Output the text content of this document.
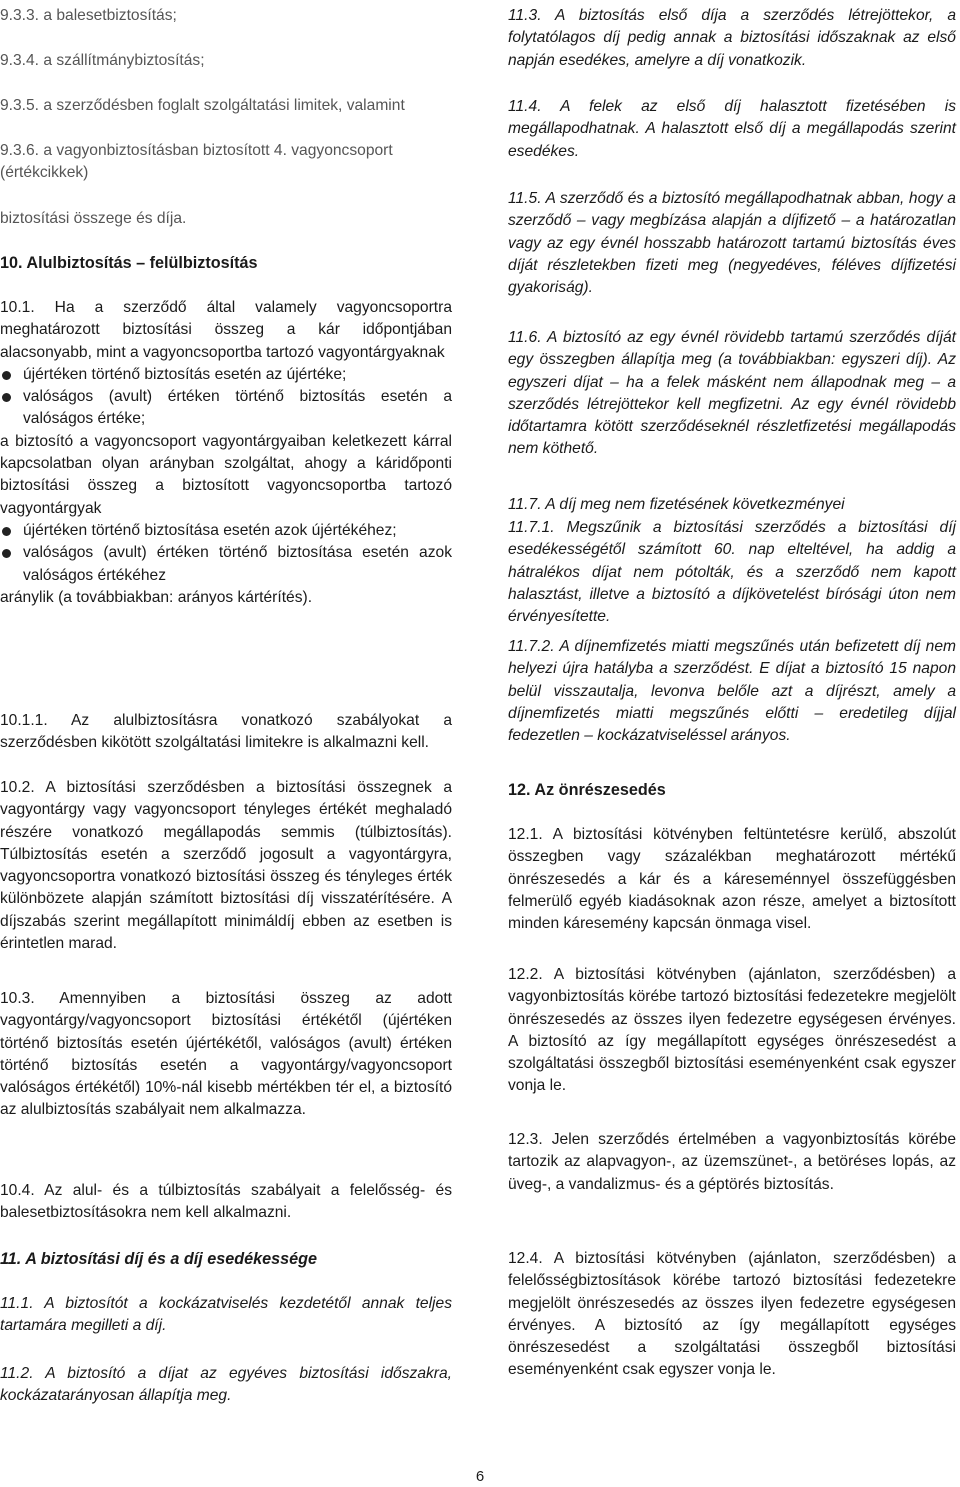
9.3.3. a balesetbiztosítás;

9.3.4. a szállítmánybiztosítás;

9.3.5. a szerződésben foglalt szolgáltatási limitek, valamint

9.3.6. a vagyonbiztosításban biztosított 4. vagyoncsoport (értékcikkek)

biztosítási összege és díja.

10. Alulbiztosítás – felülbiztosítás

10.1. Ha a szerződő által valamely vagyoncsoportra meghatározott biztosítási összeg a kár időpontjában alacsonyabb, mint a vagyoncsoportba tartozó vagyontárgyaknak
újértéken történő biztosítás esetén az újértéke;
valóságos (avult) értéken történő biztosítás esetén a valóságos értéke;
a biztosító a vagyoncsoport vagyontárgyaiban keletkezett kárral kapcsolatban olyan arányban szolgáltat, ahogy a káridőponti biztosítási összeg a biztosított vagyoncsoportba tartozó vagyontárgyak
újértéken történő biztosítása esetén azok újértékéhez;
valóságos (avult) értéken történő biztosítása esetén azok valóságos értékéhez
aránylik (a továbbiakban: arányos kártérítés).

10.1.1. Az alulbiztosításra vonatkozó szabályokat a szerződésben kikötött szolgáltatási limitekre is alkalmazni kell.

10.2. A biztosítási szerződésben a biztosítási összegnek a vagyontárgy vagy vagyoncsoport tényleges értékét meghaladó részére vonatkozó megállapodás semmis (túlbiztosítás). Túlbiztosítás esetén a szerződő jogosult a vagyontárgyra, vagyoncsoportra vonatkozó biztosítási összeg és tényleges érték különbözete alapján számított biztosítási díj visszatérítésére. A díjszabás szerint megállapított minimáldíj ebben az esetben is érintetlen marad.

10.3. Amennyiben a biztosítási összeg az adott vagyontárgy/vagyoncsoport biztosítási értékétől (újértéken történő biztosítás esetén újértékétől, valóságos (avult) értéken történő biztosítás esetén a vagyontárgy/vagyoncsoport valóságos értékétől) 10%-nál kisebb mértékben tér el, a biztosító az alulbiztosítás szabályait nem alkalmazza.

10.4. Az alul- és a túlbiztosítás szabályait a felelősség- és balesetbiztosításokra nem kell alkalmazni.

11. A biztosítási díj és a díj esedékessége

11.1. A biztosítót a kockázatviselés kezdetétől annak teljes tartamára megilleti a díj.

11.2. A biztosító a díjat az egyéves biztosítási időszakra, kockázatarányosan állapítja meg.

11.3. A biztosítás első díja a szerződés létrejöttekor, a folytatólagos díj pedig annak a biztosítási időszaknak az első napján esedékes, amelyre a díj vonatkozik.

11.4. A felek az első díj halasztott fizetésében is megállapodhatnak. A halasztott első díj a megállapodás szerint esedékes.

11.5. A szerződő és a biztosító megállapodhatnak abban, hogy a szerződő – vagy megbízása alapján a díjfizető – a határozatlan vagy az egy évnél hosszabb határozott tartamú biztosítás éves díját részletekben fizeti meg (negyedéves, féléves díjfizetési gyakoriság).

11.6. A biztosító az egy évnél rövidebb tartamú szerződés díját egy összegben állapítja meg (a továbbiakban: egyszeri díj). Az egyszeri díjat – ha a felek másként nem állapodnak meg – a szerződés létrejöttekor kell megfizetni. Az egy évnél rövidebb időtartamra kötött szerződéseknél részletfizetési megállapodás nem köthető.

11.7. A díj meg nem fizetésének következményei

11.7.1. Megszűnik a biztosítási szerződés a biztosítási díj esedékességétől számított 60. nap elteltével, ha addig a hátralékos díjat nem pótolták, és a szerződő nem kapott halasztást, illetve a biztosító a díjkövetelést bírósági úton nem érvényesítette.

11.7.2. A díjnemfizetés miatti megszűnés után befizetett díj nem helyezi újra hatályba a szerződést. E díjat a biztosító 15 napon belül visszautalja, levonva belőle azt a díjrészt, amely a díjnemfizetés miatti megszűnés előtti – eredetileg díjjal fedezetlen – kockázatviseléssel arányos.

12. Az önrészesedés

12.1. A biztosítási kötvényben feltüntetésre kerülő, abszolút összegben vagy százalékban meghatározott mértékű önrészesedés a kár és a káreseménnyel összefüggésben felmerülő egyéb kiadásoknak azon része, amelyet a biztosított minden káresemény kapcsán önmaga visel.

12.2. A biztosítási kötvényben (ajánlaton, szerződésben) a vagyonbiztosítás körébe tartozó biztosítási fedezetekre megjelölt önrészesedés az összes ilyen fedezetre egységesen érvényes. A biztosító az így megállapított egységes önrészesedést a szolgáltatási összegből biztosítási eseményenként csak egyszer vonja le.

12.3. Jelen szerződés értelmében a vagyonbiztosítás körébe tartozik az alapvagyon-, az üzemszünet-, a betöréses lopás, az üveg-, a vandalizmus- és a géptörés biztosítás.

12.4. A biztosítási kötvényben (ajánlaton, szerződésben) a felelősségbiztosítások körébe tartozó biztosítási fedezetekre megjelölt önrészesedés az összes ilyen fedezetre egységesen érvényes. A biztosító az így megállapított egységes önrészesedést a szolgáltatási összegből biztosítási eseményenként csak egyszer vonja le.

6
